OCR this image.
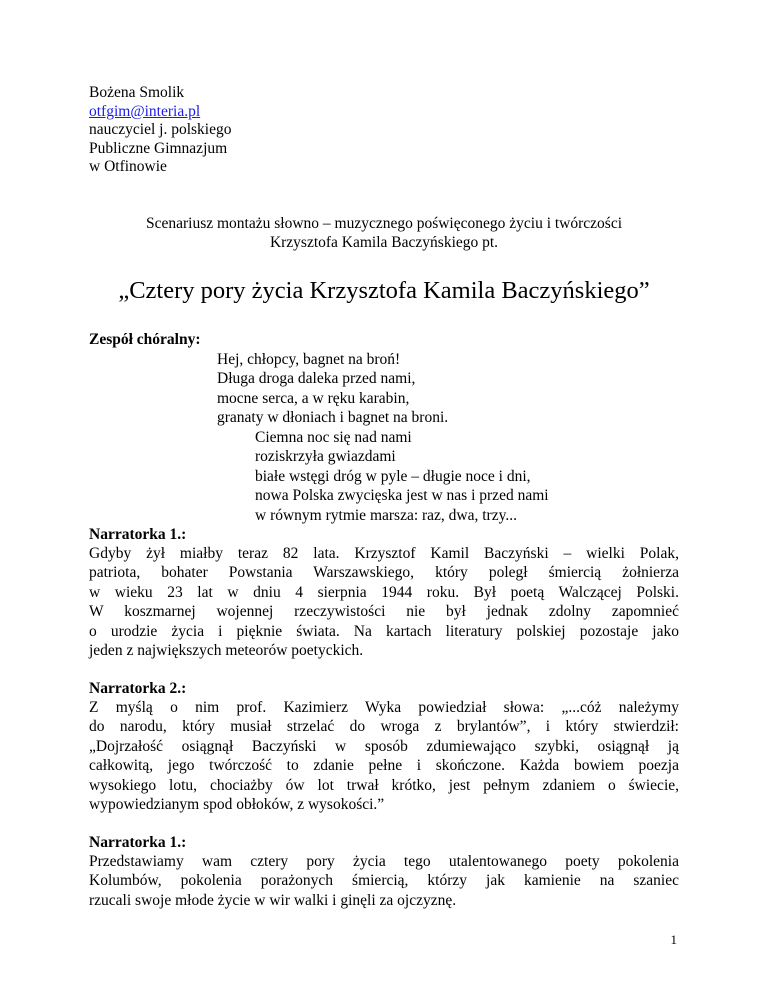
Bożena Smolik
otfgim@interia.pl
nauczyciel j. polskiego
Publiczne Gimnazjum
w Otfinowie
Scenariusz montażu słowno – muzycznego poświęconego życiu i twórczości
Krzysztofa Kamila Baczyńskiego pt.
„Cztery pory życia Krzysztofa Kamila Baczyńskiego”
Zespół chóralny:
Hej, chłopcy, bagnet na broń!
Długa droga daleka przed nami,
mocne serca, a w ręku karabin,
granaty w dłoniach i bagnet na broni.
Ciemna noc się nad nami
roziskrzyła gwiazdami
białe wstęgi dróg w pyle – długie noce i dni,
nowa Polska zwycięska jest w nas i przed nami
w równym rytmie marsza: raz, dwa, trzy...
Narratorka 1.:
Gdyby żył miałby teraz 82 lata. Krzysztof Kamil Baczyński – wielki Polak,
patriota, bohater Powstania Warszawskiego, który poległ śmiercią żołnierza
w wieku 23 lat w dniu 4 sierpnia 1944 roku. Był poetą Walczącej Polski.
W koszmarnej wojennej rzeczywistości nie był jednak zdolny zapomnieć
o urodzie życia i pięknie świata. Na kartach literatury polskiej pozostaje jako
jeden z największych meteorów poetyckich.
Narratorka 2.:
Z myślą o nim prof. Kazimierz Wyka powiedział słowa: „...cóż należymy
do narodu, który musiał strzelać do wroga z brylantów”, i który stwierdził:
„Dojrzałość osiągnął Baczyński w sposób zdumiewająco szybki, osiągnął ją
całkowitą, jego twórczość to zdanie pełne i skończone. Każda bowiem poezja
wysokiego lotu, chociażby ów lot trwał krótko, jest pełnym zdaniem o świecie,
wypowiedzianym spod obłoków, z wysokości.”
Narratorka 1.:
Przedstawiamy wam cztery pory życia tego utalentowanego poety pokolenia
Kolumbów, pokolenia porażonych śmiercią, którzy jak kamienie na szaniec
rzucali swoje młode życie w wir walki i ginęli za ojczyznę.
1
